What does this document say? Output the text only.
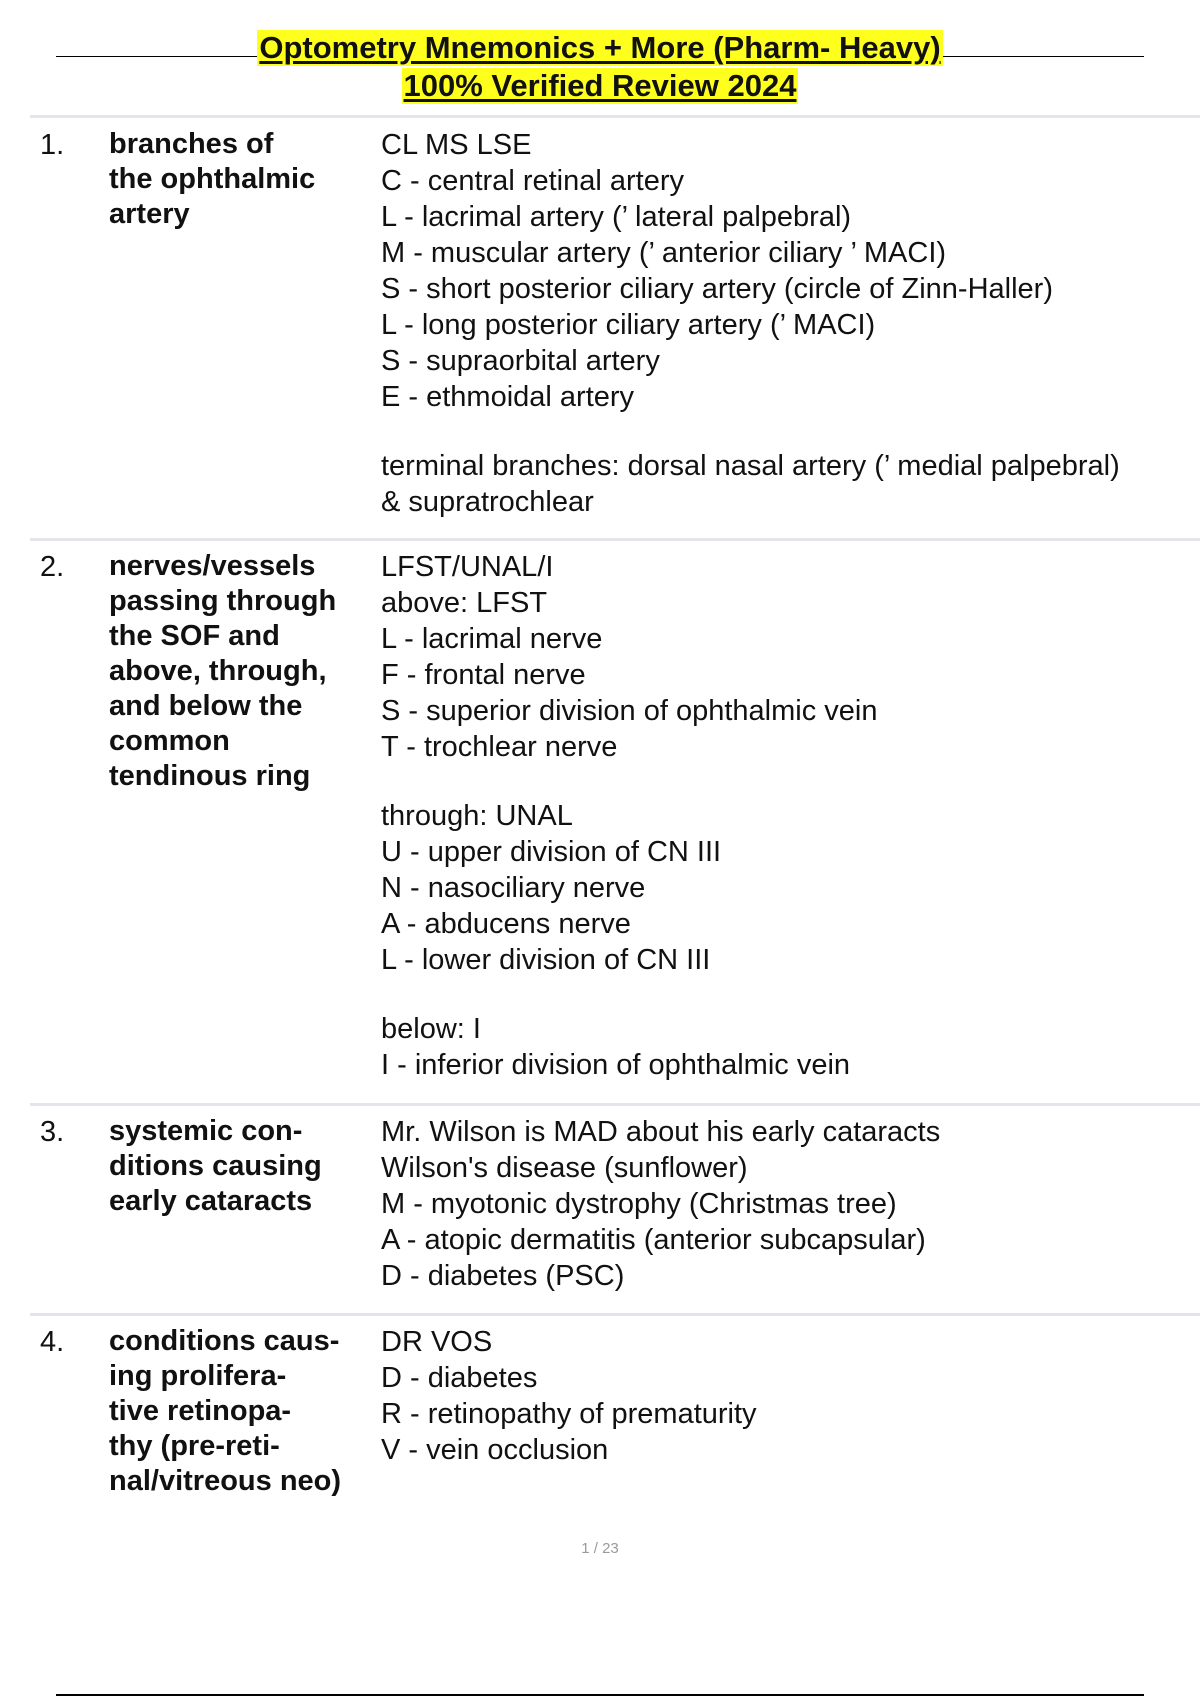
Optometry Mnemonics + More (Pharm- Heavy)
100% Verified Review 2024
1. branches of
the ophthalmic
artery
CL MS LSE
C - central retinal artery
L - lacrimal artery (’ lateral palpebral)
M - muscular artery (’ anterior ciliary ’ MACI)
S - short posterior ciliary artery (circle of Zinn-Haller)
L - long posterior ciliary artery (’ MACI)
S - supraorbital artery
E - ethmoidal artery
terminal branches: dorsal nasal artery (’ medial palpebral)
& supratrochlear
2. nerves/vessels
passing through
the SOF and
above, through,
and below the
common
tendinous ring
LFST/UNAL/I
above: LFST
L - lacrimal nerve
F - frontal nerve
S - superior division of ophthalmic vein
T - trochlear nerve
through: UNAL
U - upper division of CN III
N - nasociliary nerve
A - abducens nerve
L - lower division of CN III
below: I
I - inferior division of ophthalmic vein
3. systemic con-
ditions causing
early cataracts
Mr. Wilson is MAD about his early cataracts
Wilson's disease (sunflower)
M - myotonic dystrophy (Christmas tree)
A - atopic dermatitis (anterior subcapsular)
D - diabetes (PSC)
4. conditions caus-
ing prolifera-
tive retinopa-
thy (pre-reti-
nal/vitreous neo)
DR VOS
D - diabetes
R - retinopathy of prematurity
V - vein occlusion
1 / 23
